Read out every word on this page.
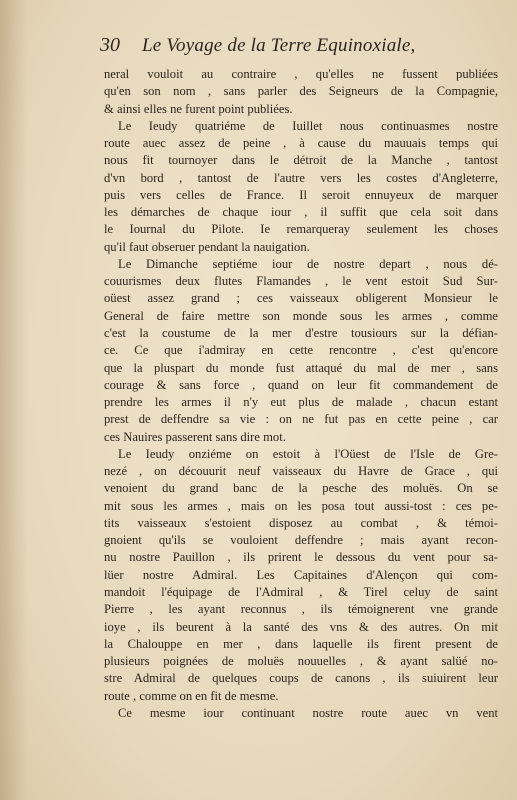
30 Le Voyage de la Terre Equinoxiale,
neral vouloit au contraire , qu'elles ne fussent publiées
qu'en son nom , sans parler des Seigneurs de la Compagnie,
& ainsi elles ne furent point publiées.
Le Ieudy quatriéme de Iuillet nous continuasmes nostre
route auec assez de peine , à cause du mauuais temps qui
nous fit tournoyer dans le détroit de la Manche , tantost
d'vn bord , tantost de l'autre vers les costes d'Angleterre,
puis vers celles de France. Il seroit ennuyeux de marquer
les démarches de chaque iour , il suffit que cela soit dans
le Iournal du Pilote. Ie remarqueray seulement les choses
qu'il faut obseruer pendant la nauigation.
Le Dimanche septiéme iour de nostre depart , nous dé-
couurismes deux flutes Flamandes , le vent estoit Sud Sur-
oüest assez grand ; ces vaisseaux obligerent Monsieur le
General de faire mettre son monde sous les armes , comme
c'est la coustume de la mer d'estre tousiours sur la défian-
ce. Ce que i'admiray en cette rencontre , c'est qu'encore
que la pluspart du monde fust attaqué du mal de mer , sans
courage & sans force , quand on leur fit commandement de
prendre les armes il n'y eut plus de malade , chacun estant
prest de deffendre sa vie : on ne fut pas en cette peine , car
ces Nauires passerent sans dire mot.
Le Ieudy onziéme on estoit à l'Oüest de l'Isle de Gre-
nezé , on découurit neuf vaisseaux du Havre de Grace , qui
venoient du grand banc de la pesche des moluës. On se
mit sous les armes , mais on les posa tout aussi-tost : ces pe-
tits vaisseaux s'estoient disposez au combat , & témoi-
gnoient qu'ils se vouloient deffendre ; mais ayant recon-
nu nostre Pauillon , ils prirent le dessous du vent pour sa-
lüer nostre Admiral. Les Capitaines d'Alençon qui com-
mandoit l'équipage de l'Admiral , & Tirel celuy de saint
Pierre , les ayant reconnus , ils témoignerent vne grande
ioye , ils beurent à la santé des vns & des autres. On mit
la Chalouppe en mer , dans laquelle ils firent present de
plusieurs poignées de moluës nouuelles , & ayant salüé no-
stre Admiral de quelques coups de canons , ils suiuirent leur
route , comme on en fit de mesme.
Ce mesme iour continuant nostre route auec vn vent
